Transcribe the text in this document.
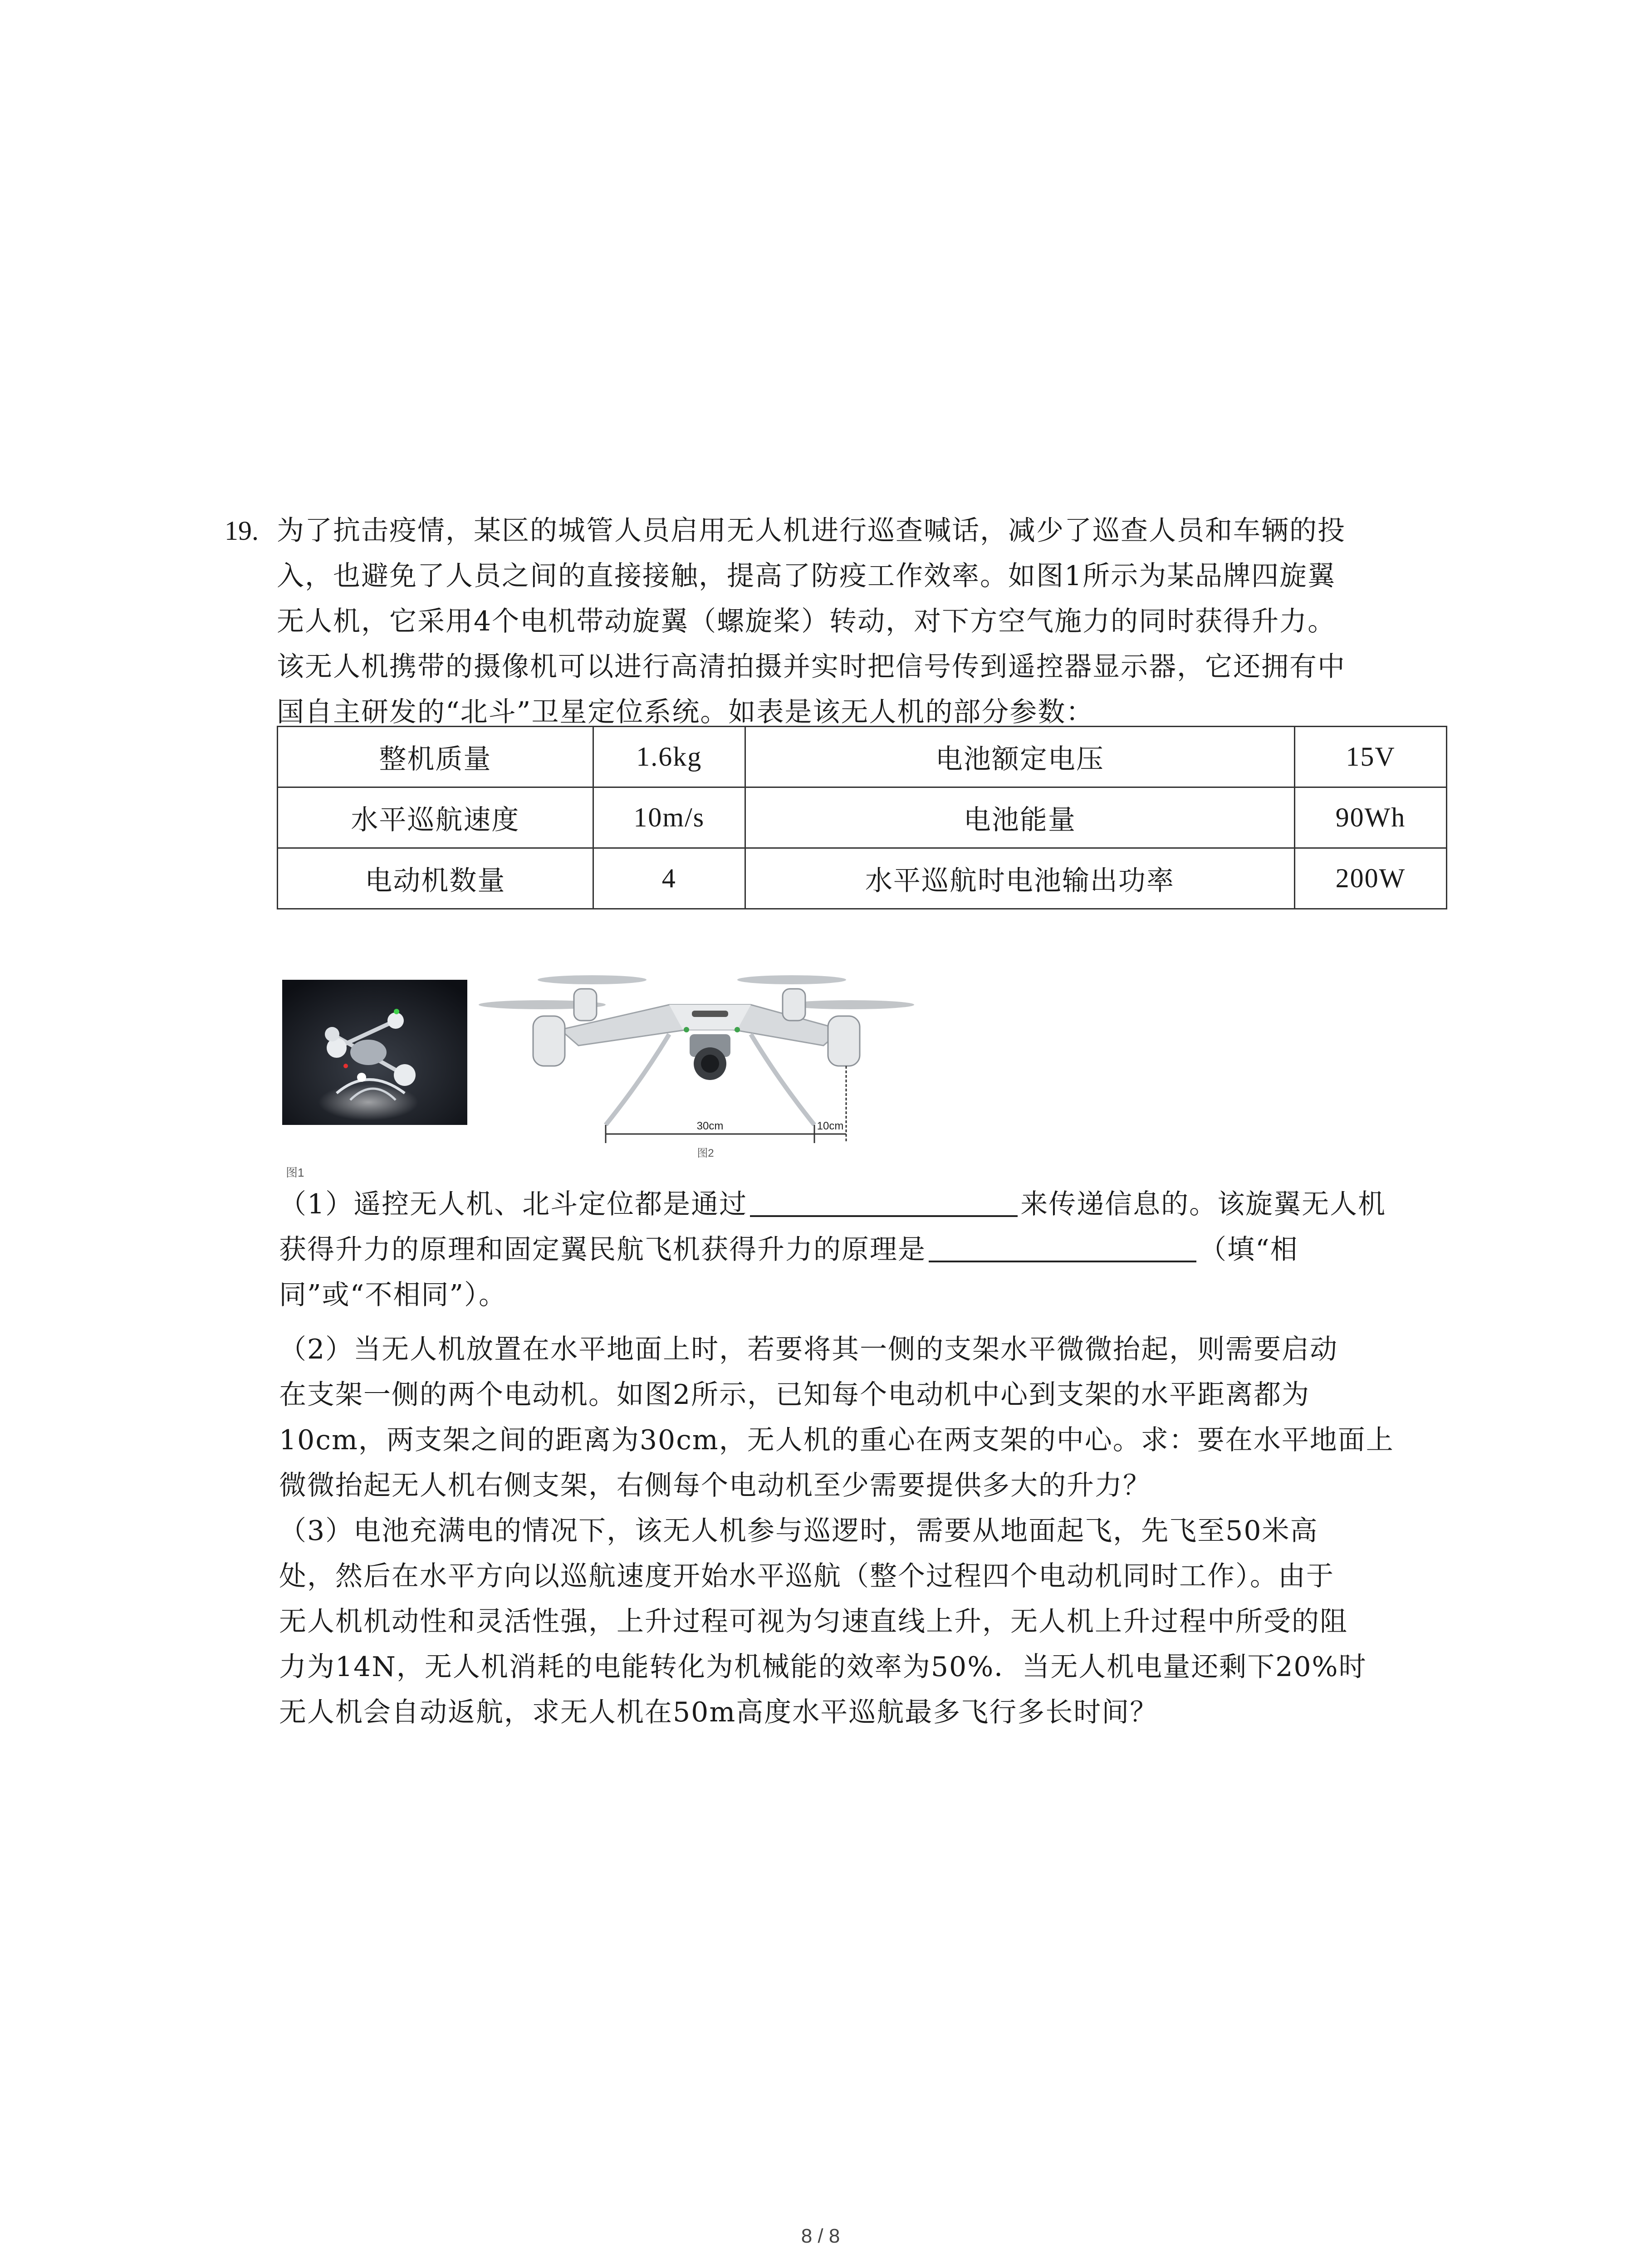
19. 为了抗击疫情，某区的城管人员启用无人机进行巡查喊话，减少了巡查人员和车辆的投
入，也避免了人员之间的直接接触，提高了防疫工作效率。如图1所示为某品牌四旋翼
无人机，它采用4个电机带动旋翼（螺旋桨）转动，对下方空气施力的同时获得升力。
该无人机携带的摄像机可以进行高清拍摄并实时把信号传到遥控器显示器，它还拥有中
国自主研发的“北斗”卫星定位系统。如表是该无人机的部分参数：
整机质量	1.6kg	电池额定电压	15V
水平巡航速度	10m/s	电池能量	90Wh
电动机数量	4	水平巡航时电池输出功率	200W
图1
30cm	10cm
图2
（1）遥控无人机、北斗定位都是通过	来传递信息的。该旋翼无人机
获得升力的原理和固定翼民航飞机获得升力的原理是	（填“相
同”或“不相同”）。
（2）当无人机放置在水平地面上时，若要将其一侧的支架水平微微抬起，则需要启动
在支架一侧的两个电动机。如图2所示，已知每个电动机中心到支架的水平距离都为
10cm，两支架之间的距离为30cm，无人机的重心在两支架的中心。求：要在水平地面上
微微抬起无人机右侧支架，右侧每个电动机至少需要提供多大的升力？
（3）电池充满电的情况下，该无人机参与巡逻时，需要从地面起飞，先飞至50米高
处，然后在水平方向以巡航速度开始水平巡航（整个过程四个电动机同时工作）。由于
无人机机动性和灵活性强，上升过程可视为匀速直线上升，无人机上升过程中所受的阻
力为14N，无人机消耗的电能转化为机械能的效率为50%．当无人机电量还剩下20%时
无人机会自动返航，求无人机在50m高度水平巡航最多飞行多长时间？
8 / 8
